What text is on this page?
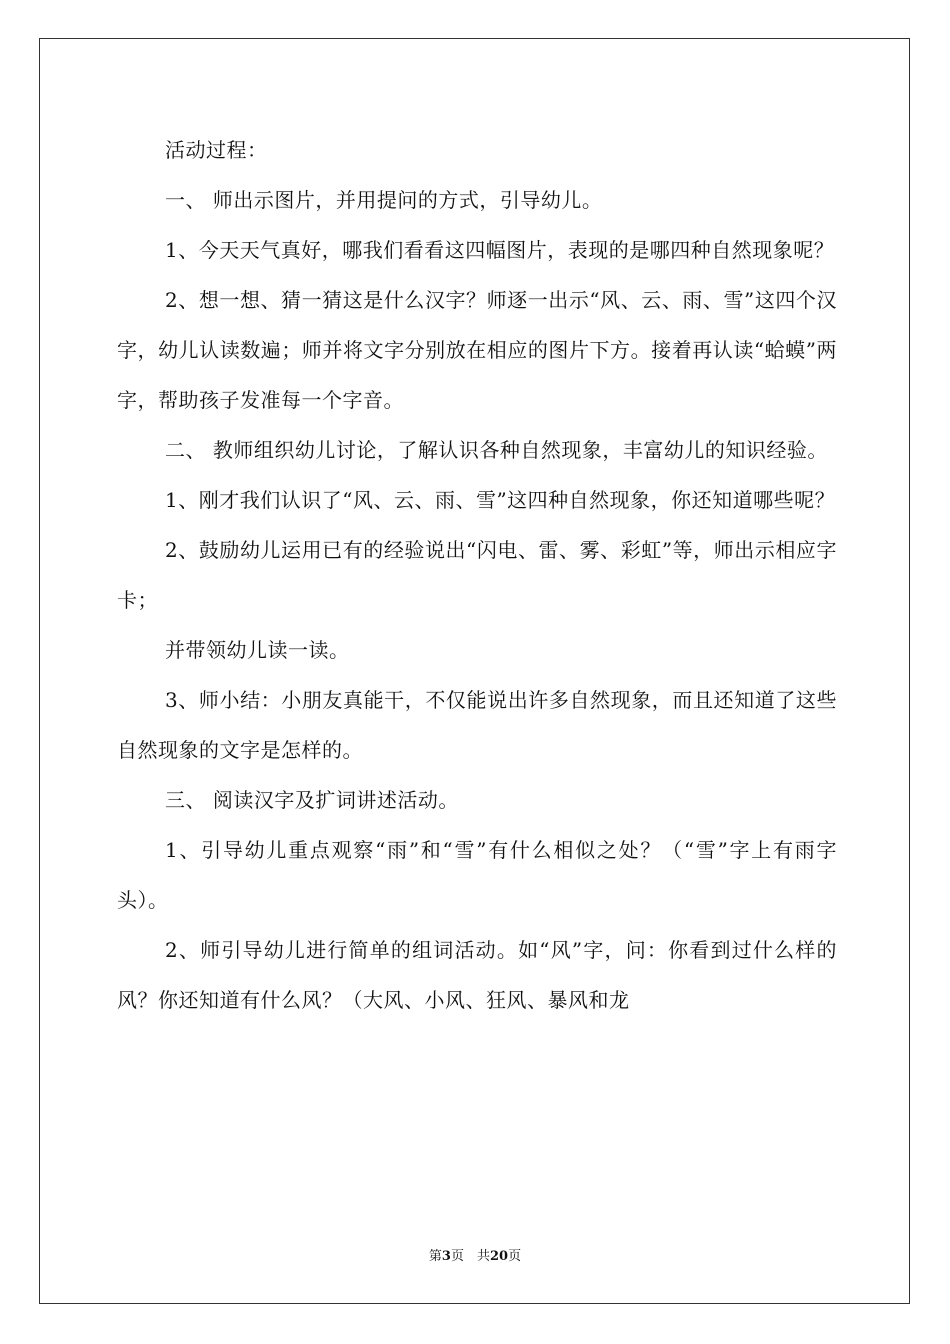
活动过程：

一、 师出示图片，并用提问的方式，引导幼儿。

1、今天天气真好，哪我们看看这四幅图片，表现的是哪四种自然现象呢？

2、想一想、猜一猜这是什么汉字？师逐一出示“风、云、雨、雪”这四个汉字，幼儿认读数遍；师并将文字分别放在相应的图片下方。接着再认读“蛤蟆”两字，帮助孩子发准每一个字音。

二、 教师组织幼儿讨论，了解认识各种自然现象，丰富幼儿的知识经验。

1、刚才我们认识了“风、云、雨、雪”这四种自然现象，你还知道哪些呢？

2、鼓励幼儿运用已有的经验说出“闪电、雷、雾、彩虹”等，师出示相应字卡；

并带领幼儿读一读。

3、师小结：小朋友真能干，不仅能说出许多自然现象，而且还知道了这些自然现象的文字是怎样的。

三、 阅读汉字及扩词讲述活动。

1、引导幼儿重点观察“雨”和“雪”有什么相似之处？（“雪”字上有雨字头）。

2、师引导幼儿进行简单的组词活动。如“风”字，问：你看到过什么样的风？你还知道有什么风？（大风、小风、狂风、暴风和龙

第3页　共20页
